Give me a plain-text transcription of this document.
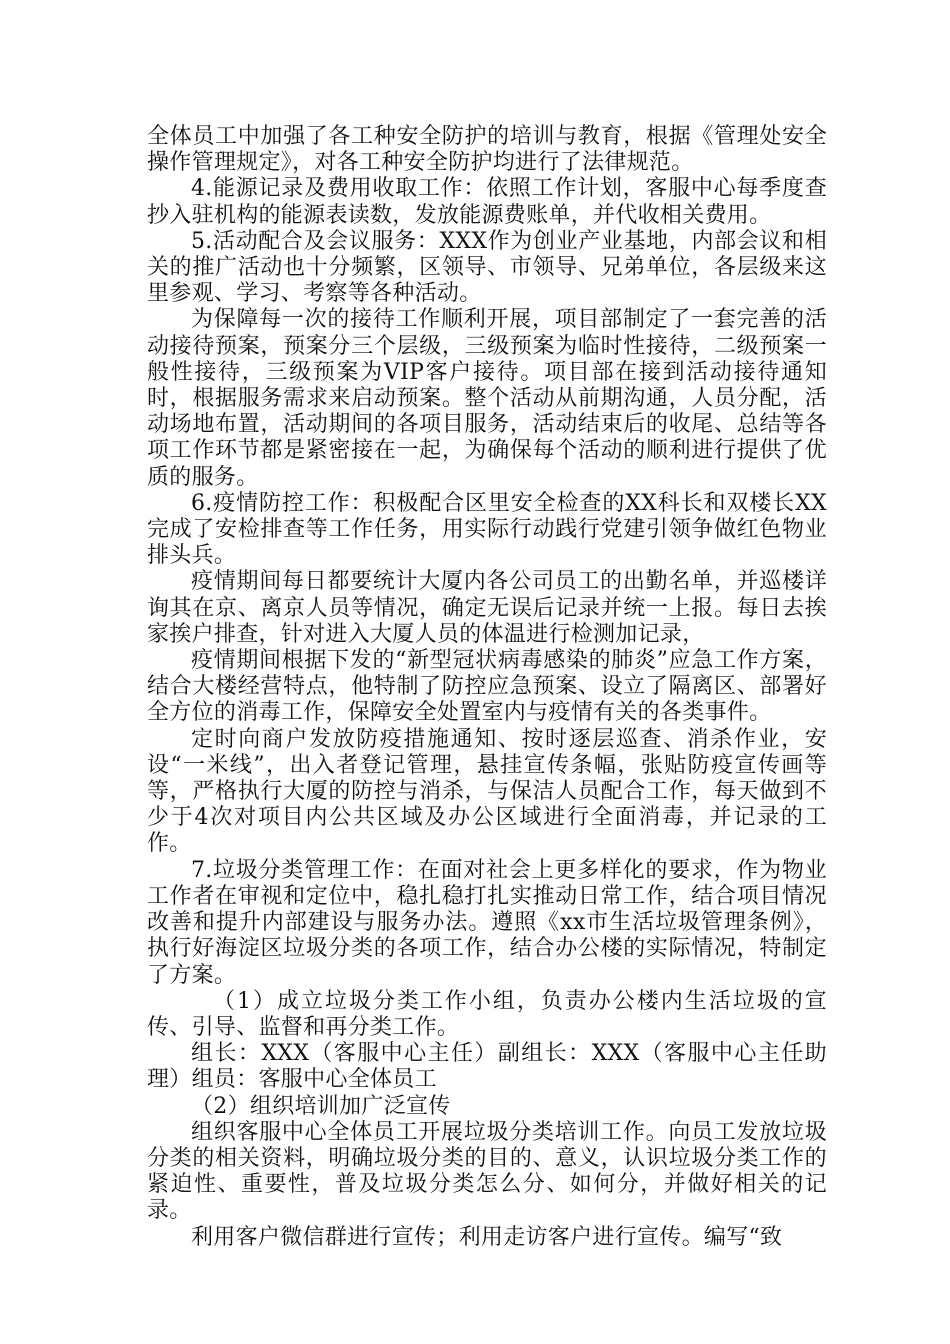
全体员工中加强了各工种安全防护的培训与教育，根据《管理处安全操作管理规定》，对各工种安全防护均进行了法律规范。

4.能源记录及费用收取工作：依照工作计划，客服中心每季度查抄入驻机构的能源表读数，发放能源费账单，并代收相关费用。

5.活动配合及会议服务：XXX作为创业产业基地，内部会议和相关的推广活动也十分频繁，区领导、市领导、兄弟单位，各层级来这里参观、学习、考察等各种活动。

为保障每一次的接待工作顺利开展，项目部制定了一套完善的活动接待预案，预案分三个层级，三级预案为临时性接待，二级预案一般性接待，三级预案为VIP客户接待。项目部在接到活动接待通知时，根据服务需求来启动预案。整个活动从前期沟通，人员分配，活动场地布置，活动期间的各项目服务，活动结束后的收尾、总结等各项工作环节都是紧密接在一起，为确保每个活动的顺利进行提供了优质的服务。

6.疫情防控工作：积极配合区里安全检查的XX科长和双楼长XX完成了安检排查等工作任务，用实际行动践行党建引领争做红色物业排头兵。

疫情期间每日都要统计大厦内各公司员工的出勤名单，并巡楼详询其在京、离京人员等情况，确定无误后记录并统一上报。每日去挨家挨户排查，针对进入大厦人员的体温进行检测加记录，

疫情期间根据下发的“新型冠状病毒感染的肺炎”应急工作方案，结合大楼经营特点，他特制了防控应急预案、设立了隔离区、部署好全方位的消毒工作，保障安全处置室内与疫情有关的各类事件。

定时向商户发放防疫措施通知、按时逐层巡查、消杀作业，安设“一米线”，出入者登记管理，悬挂宣传条幅，张贴防疫宣传画等等，严格执行大厦的防控与消杀，与保洁人员配合工作，每天做到不少于4次对项目内公共区域及办公区域进行全面消毒，并记录的工作。

7.垃圾分类管理工作：在面对社会上更多样化的要求，作为物业工作者在审视和定位中，稳扎稳打扎实推动日常工作，结合项目情况改善和提升内部建设与服务办法。遵照《xx市生活垃圾管理条例》，执行好海淀区垃圾分类的各项工作，结合办公楼的实际情况，特制定了方案。

（1）成立垃圾分类工作小组，负责办公楼内生活垃圾的宣传、引导、监督和再分类工作。

组长：XXX（客服中心主任）副组长：XXX（客服中心主任助理）组员：客服中心全体员工

（2）组织培训加广泛宣传

组织客服中心全体员工开展垃圾分类培训工作。向员工发放垃圾分类的相关资料，明确垃圾分类的目的、意义，认识垃圾分类工作的紧迫性、重要性，普及垃圾分类怎么分、如何分，并做好相关的记录。

利用客户微信群进行宣传；利用走访客户进行宣传。编写“致
